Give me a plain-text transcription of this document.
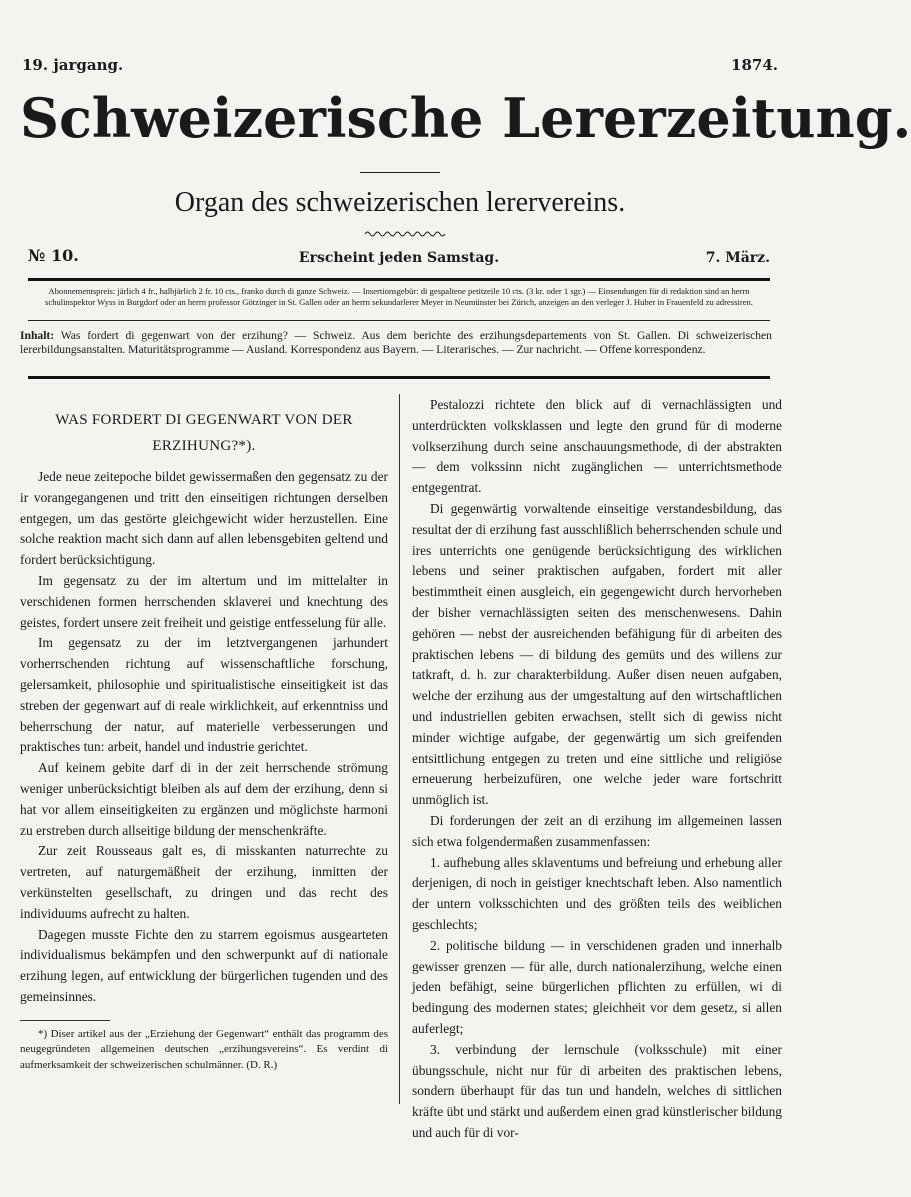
19. jargang.	1874.
Schweizerische Lererzeitung.
Organ des schweizerischen lerervereins.
№ 10.	Erscheint jeden Samstag.	7. März.
Abonnementspreis: järlich 4 fr., halbjärlich 2 fr. 10 cts., franko durch di ganze Schweiz. — Insertionsgebür: di gespaltene petitzeile 10 cts. (3 kr. oder 1 sgr.) — Einsendungen für di redaktion sind an herrn schulinspektor Wyss in Burgdorf oder an herrn professor Götzinger in St. Gallen oder an herrn sekundarlerer Meyer in Neumünster bei Zürich, anzeigen an den verleger J. Huber in Frauenfeld zu adressiren.
Inhalt: Was fordert di gegenwart von der erzihung? — Schweiz. Aus dem berichte des erzihungsdepartements von St. Gallen. Di schweizerischen lererbildungsanstalten. Maturitätsprogramme — Ausland. Korrespondenz aus Bayern. — Literarisches. — Zur nachricht. — Offene korrespondenz.
WAS FORDERT DI GEGENWART VON DER ERZIHUNG?*).

Jede neue zeitepoche bildet gewissermaßen den gegensatz zu der ir vorangegangenen und tritt den einseitigen richtungen derselben entgegen, um das gestörte gleichgewicht wider herzustellen. Eine solche reaktion macht sich dann auf allen lebensgebiten geltend und fordert berücksichtigung.

Im gegensatz zu der im altertum und im mittelalter in verschidenen formen herrschenden sklaverei und knechtung des geistes, fordert unsere zeit freiheit und geistige entfesselung für alle.

Im gegensatz zu der im letztvergangenen jarhundert vorherrschenden richtung auf wissenschaftliche forschung, gelersamkeit, philosophie und spiritualistische einseitigkeit ist das streben der gegenwart auf di reale wirklichkeit, auf erkenntniss und beherrschung der natur, auf materielle verbesserungen und praktisches tun: arbeit, handel und industrie gerichtet.

Auf keinem gebite darf di in der zeit herrschende strömung weniger unberücksichtigt bleiben als auf dem der erzihung, denn si hat vor allem einseitigkeiten zu ergänzen und möglichste harmoni zu erstreben durch allseitige bildung der menschenkräfte.

Zur zeit Rousseaus galt es, di misskanten naturrechte zu vertreten, auf naturgemäßheit der erzihung, inmitten der verkünstelten gesellschaft, zu dringen und das recht des individuums aufrecht zu halten.

Dagegen musste Fichte den zu starrem egoismus ausgearteten individualismus bekämpfen und den schwerpunkt auf di nationale erzihung legen, auf entwicklung der bürgerlichen tugenden und des gemeinsinnes.

*) Diser artikel aus der „Erziehung der Gegenwart“ enthält das programm des neugegründeten allgemeinen deutschen „erzihungsvereins“. Es verdint di aufmerksamkeit der schweizerischen schulmänner. (D. R.)

Pestalozzi richtete den blick auf di vernachlässigten und unterdrückten volksklassen und legte den grund für di moderne volkserzihung durch seine anschauungsmethode, di der abstrakten — dem volkssinn nicht zugänglichen — unterrichtsmethode entgegentrat.

Di gegenwärtig vorwaltende einseitige verstandesbildung, das resultat der di erzihung fast ausschlißlich beherrschenden schule und ires unterrichts one genügende berücksichtigung des wirklichen lebens und seiner praktischen aufgaben, fordert mit aller bestimmtheit einen ausgleich, ein gegengewicht durch hervorheben der bisher vernachlässigten seiten des menschenwesens. Dahin gehören — nebst der ausreichenden befähigung für di arbeiten des praktischen lebens — di bildung des gemüts und des willens zur tatkraft, d. h. zur charakterbildung. Außer disen neuen aufgaben, welche der erzihung aus der umgestaltung auf den wirtschaftlichen und industriellen gebiten erwachsen, stellt sich di gewiss nicht minder wichtige aufgabe, der gegenwärtig um sich greifenden entsittlichung entgegen zu treten und eine sittliche und religiöse erneuerung herbeizufüren, one welche jeder ware fortschritt unmöglich ist.

Di forderungen der zeit an di erzihung im allgemeinen lassen sich etwa folgendermaßen zusammenfassen:

1. aufhebung alles sklaventums und befreiung und erhebung aller derjenigen, di noch in geistiger knechtschaft leben. Also namentlich der untern volksschichten und des größten teils des weiblichen geschlechts;

2. politische bildung — in verschidenen graden und innerhalb gewisser grenzen — für alle, durch nationalerzihung, welche einen jeden befähigt, seine bürgerlichen pflichten zu erfüllen, wi di bedingung des modernen states; gleichheit vor dem gesetz, si allen auferlegt;

3. verbindung der lernschule (volksschule) mit einer übungsschule, nicht nur für di arbeiten des praktischen lebens, sondern überhaupt für das tun und handeln, welches di sittlichen kräfte übt und stärkt und außerdem einen grad künstlerischer bildung und auch für di vor-
